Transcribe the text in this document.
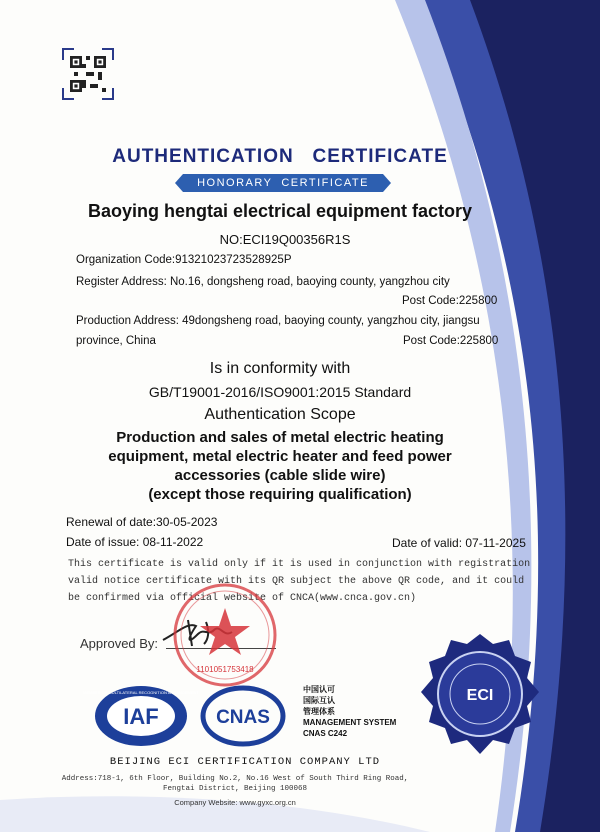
AUTHENTICATION   CERTIFICATE
HONORARY  CERTIFICATE
Baoying hengtai electrical equipment factory
NO:ECI19Q00356R1S
Organization Code:91321023723528925P
Register Address: No.16, dongsheng road, baoying county, yangzhou city
Post Code:225800
Production Address: 49dongsheng road, baoying county, yangzhou city, jiangsu
province, China	Post Code:225800
Is in conformity with
GB/T19001-2016/ISO9001:2015 Standard
Authentication Scope
Production and sales of metal electric heating
equipment, metal electric heater and feed power
accessories (cable slide wire)
(except those requiring qualification)
Renewal of date:30-05-2023
Date of issue: 08-11-2022	Date of valid: 07-11-2025
This certificate is valid only if it is used in conjunction with registration
valid notice certificate with its QR subject the above QR code, and it could
be confirmed via official website of CNCA(www.cnca.gov.cn)
Approved By:
1101051753418
IAF
MEMBER OF MULTILATERAL RECOGNITION ARRANGEMENT
CNAS
中国认可
国际互认
管理体系
MANAGEMENT SYSTEM
CNAS C242
ECI
BEIJING ECI CERTIFICATION COMPANY LTD
Address:718-1, 6th Floor, Building No.2, No.16 West of South Third Ring Road,
Fengtai District, Beijing 100068
Company Website: www.gyxc.org.cn
